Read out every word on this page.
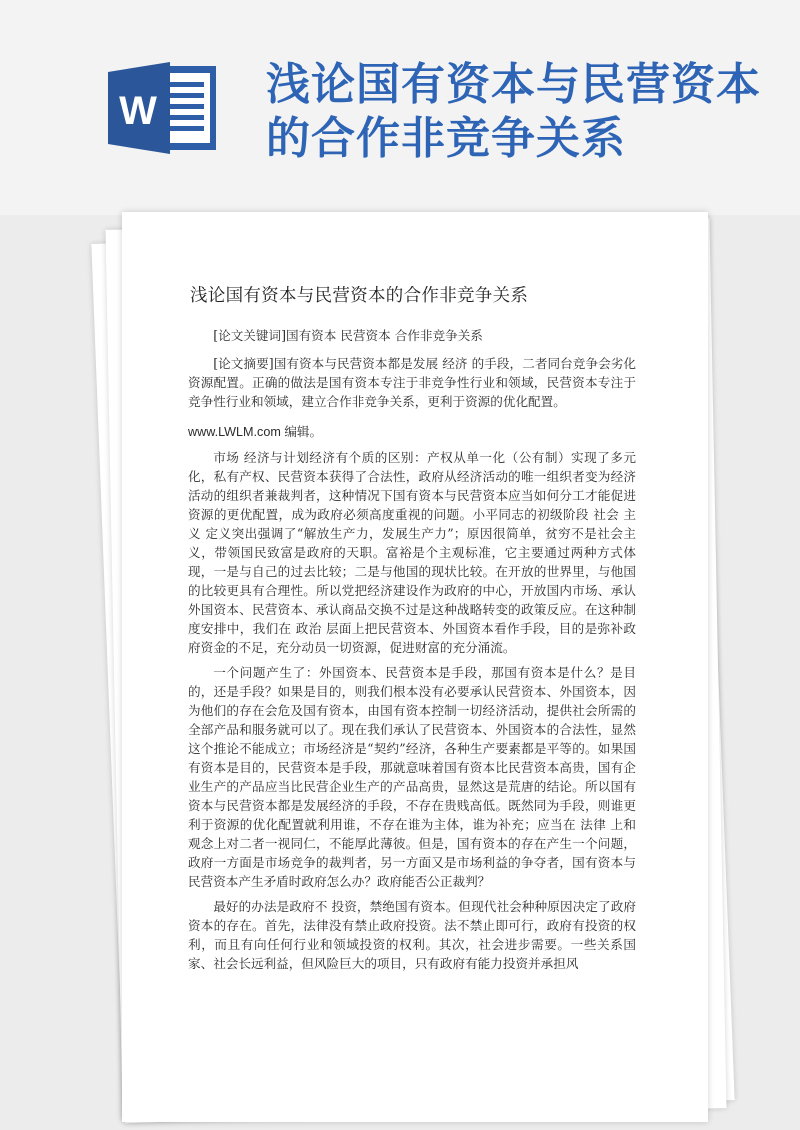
W
浅论国有资本与民营资本的合作非竞争关系
浅论国有资本与民营资本的合作非竞争关系

[论文关键词]国有资本 民营资本 合作非竞争关系

[论文摘要]国有资本与民营资本都是发展 经济 的手段，二者同台竞争会劣化资源配置。正确的做法是国有资本专注于非竞争性行业和领域，民营资本专注于竞争性行业和领域，建立合作非竞争关系，更利于资源的优化配置。

www.LWLM.com 编辑。

市场 经济与计划经济有个质的区别：产权从单一化（公有制）实现了多元化，私有产权、民营资本获得了合法性，政府从经济活动的唯一组织者变为经济活动的组织者兼裁判者，这种情况下国有资本与民营资本应当如何分工才能促进资源的更优配置，成为政府必须高度重视的问题。小平同志的初级阶段 社会 主义 定义突出强调了“解放生产力，发展生产力”；原因很简单，贫穷不是社会主义，带领国民致富是政府的天职。富裕是个主观标准，它主要通过两种方式体现，一是与自己的过去比较；二是与他国的现状比较。在开放的世界里，与他国的比较更具有合理性。所以党把经济建设作为政府的中心，开放国内市场、承认外国资本、民营资本、承认商品交换不过是这种战略转变的政策反应。在这种制度安排中，我们在 政治 层面上把民营资本、外国资本看作手段，目的是弥补政府资金的不足，充分动员一切资源，促进财富的充分涌流。

一个问题产生了：外国资本、民营资本是手段，那国有资本是什么？是目的，还是手段？如果是目的，则我们根本没有必要承认民营资本、外国资本，因为他们的存在会危及国有资本，由国有资本控制一切经济活动，提供社会所需的全部产品和服务就可以了。现在我们承认了民营资本、外国资本的合法性，显然这个推论不能成立；市场经济是“契约”经济，各种生产要素都是平等的。如果国有资本是目的，民营资本是手段，那就意味着国有资本比民营资本高贵，国有企业生产的产品应当比民营企业生产的产品高贵，显然这是荒唐的结论。所以国有资本与民营资本都是发展经济的手段，不存在贵贱高低。既然同为手段，则谁更利于资源的优化配置就利用谁，不存在谁为主体，谁为补充；应当在 法律 上和观念上对二者一视同仁，不能厚此薄彼。但是，国有资本的存在产生一个问题，政府一方面是市场竞争的裁判者，另一方面又是市场利益的争夺者，国有资本与民营资本产生矛盾时政府怎么办？政府能否公正裁判？

最好的办法是政府不 投资，禁绝国有资本。但现代社会种种原因决定了政府资本的存在。首先，法律没有禁止政府投资。法不禁止即可行，政府有投资的权利，而且有向任何行业和领域投资的权利。其次，社会进步需要。一些关系国家、社会长远利益，但风险巨大的项目，只有政府有能力投资并承担风
